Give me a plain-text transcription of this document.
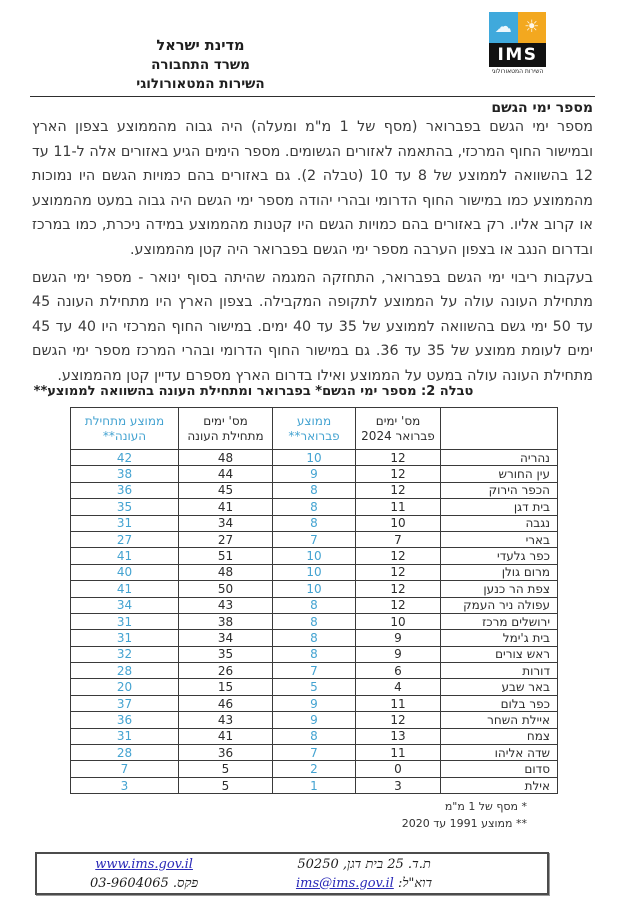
מדינת ישראל
משרד התחבורה
השירות המטאורולוגי
☁ ☀
IMS
השירות המטאורולוגי
מספר ימי הגשם

מספר ימי הגשם בפברואר (מסף של 1 מ"מ ומעלה) היה גבוה מהממוצע בצפון הארץ ובמישור החוף המרכזי, בהתאמה לאזורים הגשומים. מספר הימים הגיע באזורים אלה ל-11 עד 12 בהשוואה לממוצע של 8 עד 10 (טבלה 2). גם באזורים בהם כמויות הגשם היו נמוכות מהממוצע כמו במישור החוף הדרומי ובהרי יהודה מספר ימי הגשם היה גבוה במעט מהממוצע או קרוב אליו. רק באזורים בהם כמויות הגשם היו קטנות מהממוצע במידה ניכרת, כמו במרכז ובדרום הנגב או בצפון הערבה מספר ימי הגשם בפברואר היה קטן מהממוצע.

בעקבות ריבוי ימי הגשם בפברואר, התחזקה המגמה שהיתה בסוף ינואר - מספר ימי הגשם מתחילת העונה עולה על הממוצע לתקופה המקבילה. בצפון הארץ היו מתחילת העונה 45 עד 50 ימי גשם בהשוואה לממוצע של 35 עד 40 ימים. במישור החוף המרכזי היו 40 עד 45 ימים לעומת ממוצע של 35 עד 36. גם במישור החוף הדרומי ובהרי המרכז מספר ימי הגשם מתחילת העונה עולה במעט על הממוצע ואילו בדרום הארץ מספרם עדיין קטן מהממוצע.

טבלה 2: מספר ימי הגשם* בפברואר ומתחילת העונה בהשוואה לממוצע**

מס' ימים
פברואר 2024

ממוצע
פברואר**

מס' ימים
מתחילת העונה

ממוצע מתחילת
העונה**

נהריה	12	10	48	42
עין החורש	12	9	44	38
הכפר הירוק	12	8	45	36
בית דגן	11	8	41	35
נגבה	10	8	34	31
בארי	7	7	27	27
כפר גלעדי	12	10	51	41
מרום גולן	12	10	48	40
צפת הר כנען	12	10	50	41
עפולה ניר העמק	12	8	43	34
ירושלים מרכז	10	8	38	31
בית ג'ימל	9	8	34	31
ראש צורים	9	8	35	32
דורות	6	7	26	28
באר שבע	4	5	15	20
כפר בלום	11	9	46	37
איילת השחר	12	9	43	36
צמח	13	8	41	31
שדה אליהו	11	7	36	28
סדום	0	2	5	7
אילת	3	1	5	3
* מסף של 1 מ"מ
** ממוצע 1991 עד 2020
www.ims.gov.il
פקס. 03-9604065
ת.ד. 25 בית דגן, 50250
דוא"ל: ims@ims.gov.il
